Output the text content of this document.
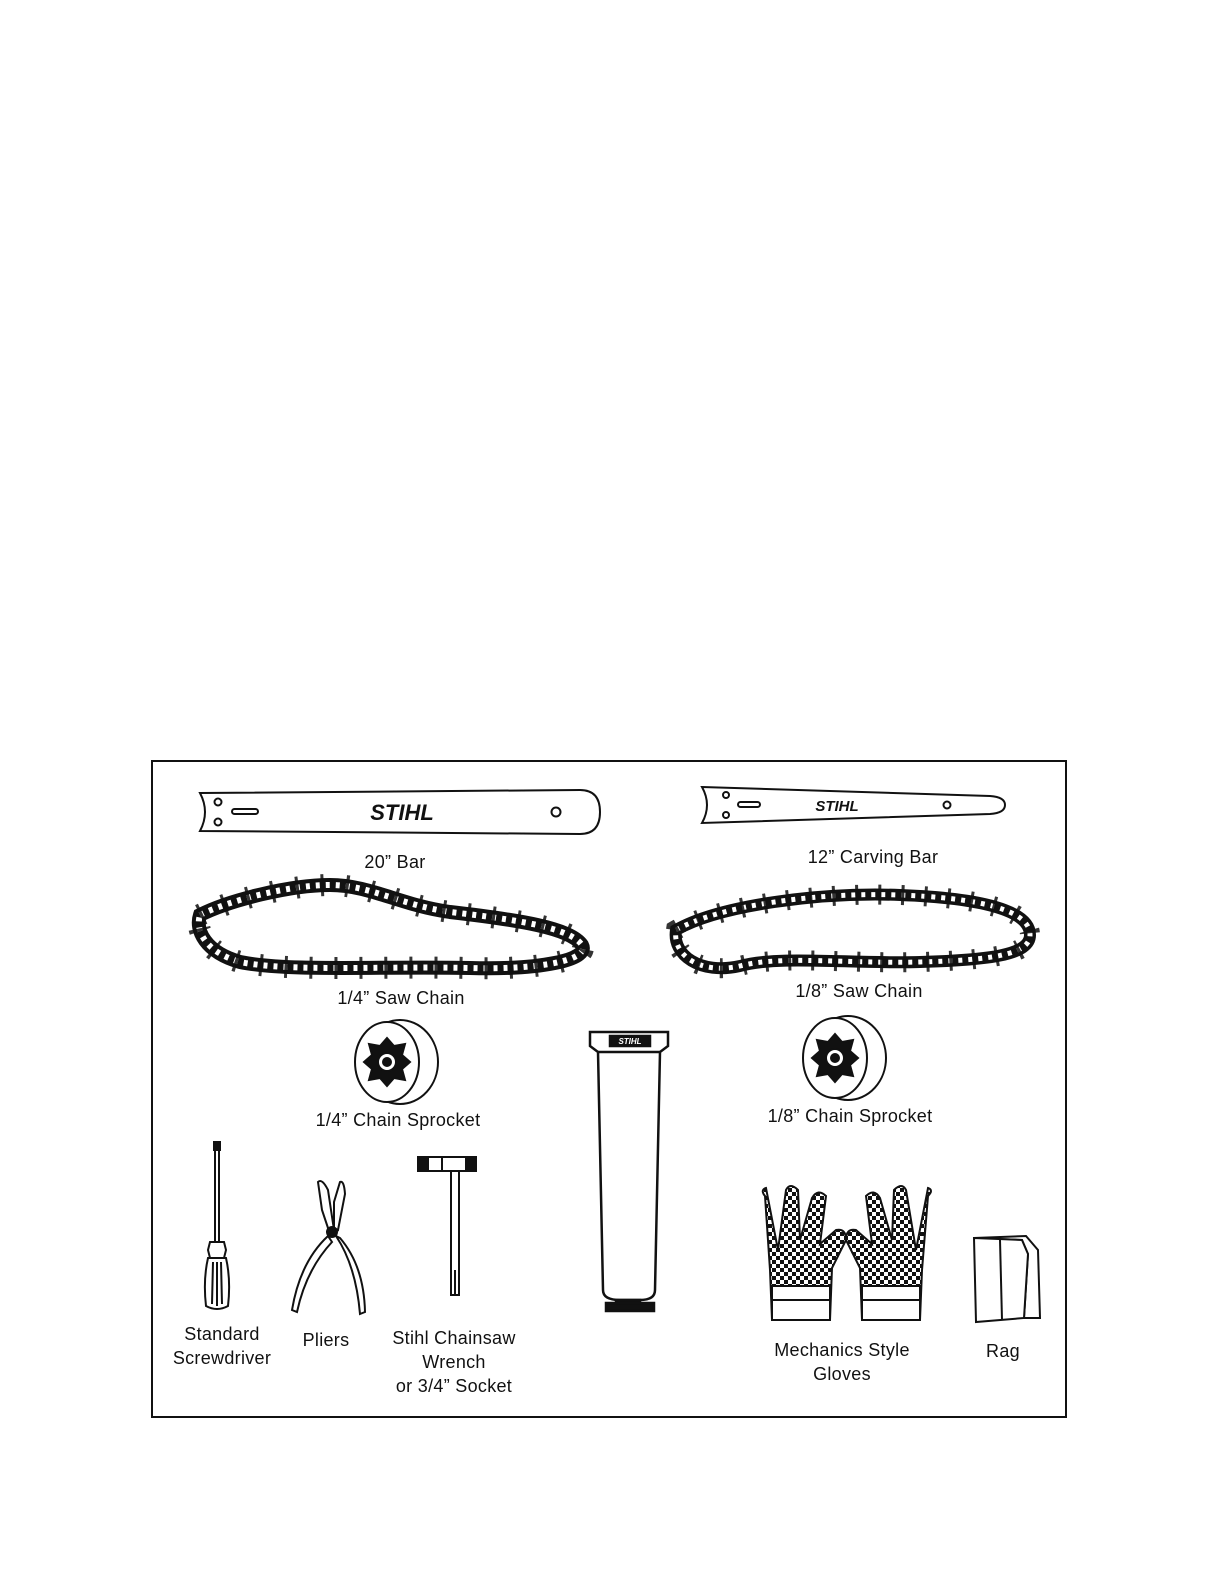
STIHL	STIHL
STIHL
20” Bar	12” Carving Bar
1/4” Saw Chain	1/8” Saw Chain
1/4” Chain Sprocket	1/8” Chain Sprocket
Standard
Screwdriver
Pliers	Stihl Chainsaw
Wrench
or 3/4” Socket
Mechanics Style
Gloves
Rag
